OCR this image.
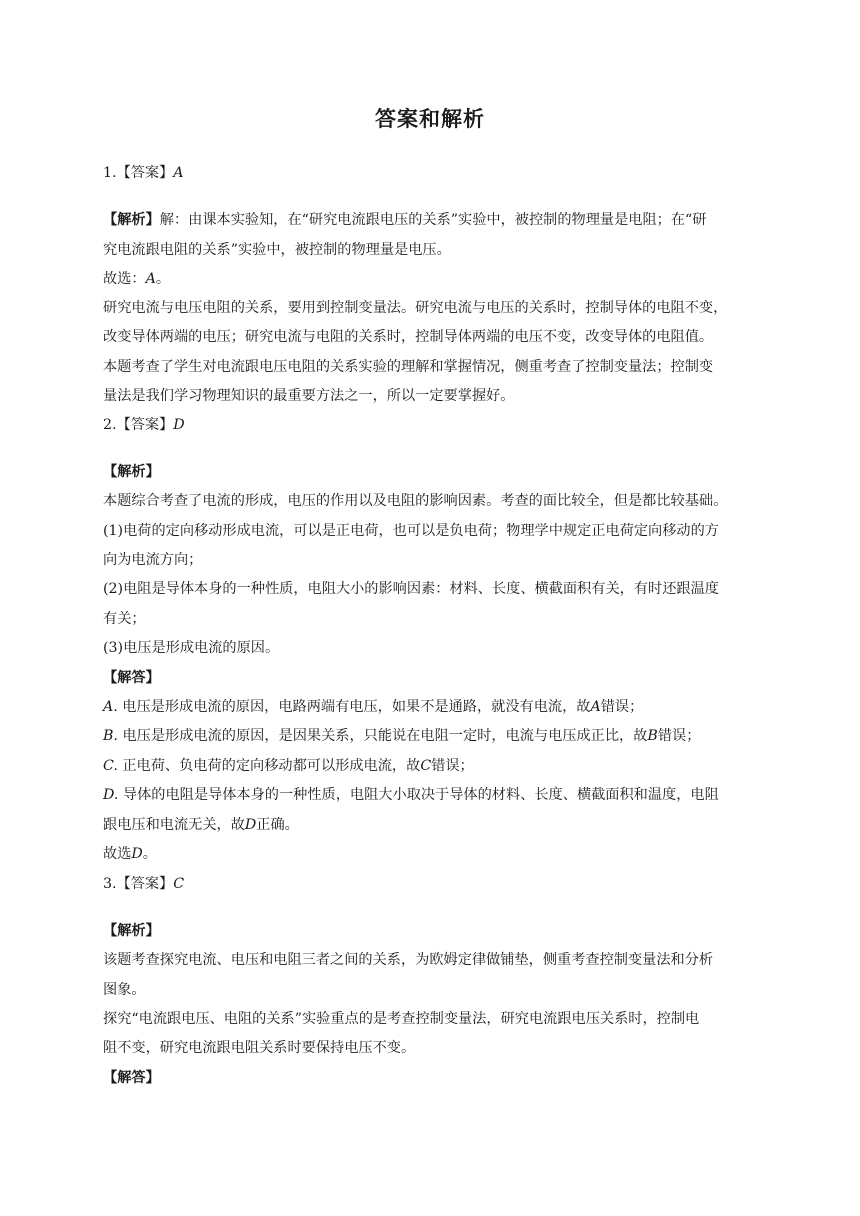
答案和解析
1.【答案】A
【解析】解：由课本实验知，在“研究电流跟电压的关系”实验中，被控制的物理量是电阻；在“研
究电流跟电阻的关系”实验中，被控制的物理量是电压。
故选：A。
研究电流与电压电阻的关系，要用到控制变量法。研究电流与电压的关系时，控制导体的电阻不变，
改变导体两端的电压；研究电流与电阻的关系时，控制导体两端的电压不变，改变导体的电阻值。
本题考查了学生对电流跟电压电阻的关系实验的理解和掌握情况，侧重考查了控制变量法；控制变
量法是我们学习物理知识的最重要方法之一，所以一定要掌握好。
2.【答案】D
【解析】
本题综合考查了电流的形成，电压的作用以及电阻的影响因素。考查的面比较全，但是都比较基础。
(1)电荷的定向移动形成电流，可以是正电荷，也可以是负电荷；物理学中规定正电荷定向移动的方
向为电流方向；
(2)电阻是导体本身的一种性质，电阻大小的影响因素：材料、长度、横截面积有关，有时还跟温度
有关；
(3)电压是形成电流的原因。
【解答】
A. 电压是形成电流的原因，电路两端有电压，如果不是通路，就没有电流，故A错误；
B. 电压是形成电流的原因，是因果关系，只能说在电阻一定时，电流与电压成正比，故B错误；
C. 正电荷、负电荷的定向移动都可以形成电流，故C错误；
D. 导体的电阻是导体本身的一种性质，电阻大小取决于导体的材料、长度、横截面积和温度，电阻
跟电压和电流无关，故D正确。
故选D。
3.【答案】C
【解析】
该题考查探究电流、电压和电阻三者之间的关系，为欧姆定律做铺垫，侧重考查控制变量法和分析
图象。
探究“电流跟电压、电阻的关系”实验重点的是考查控制变量法，研究电流跟电压关系时，控制电
阻不变，研究电流跟电阻关系时要保持电压不变。
【解答】
